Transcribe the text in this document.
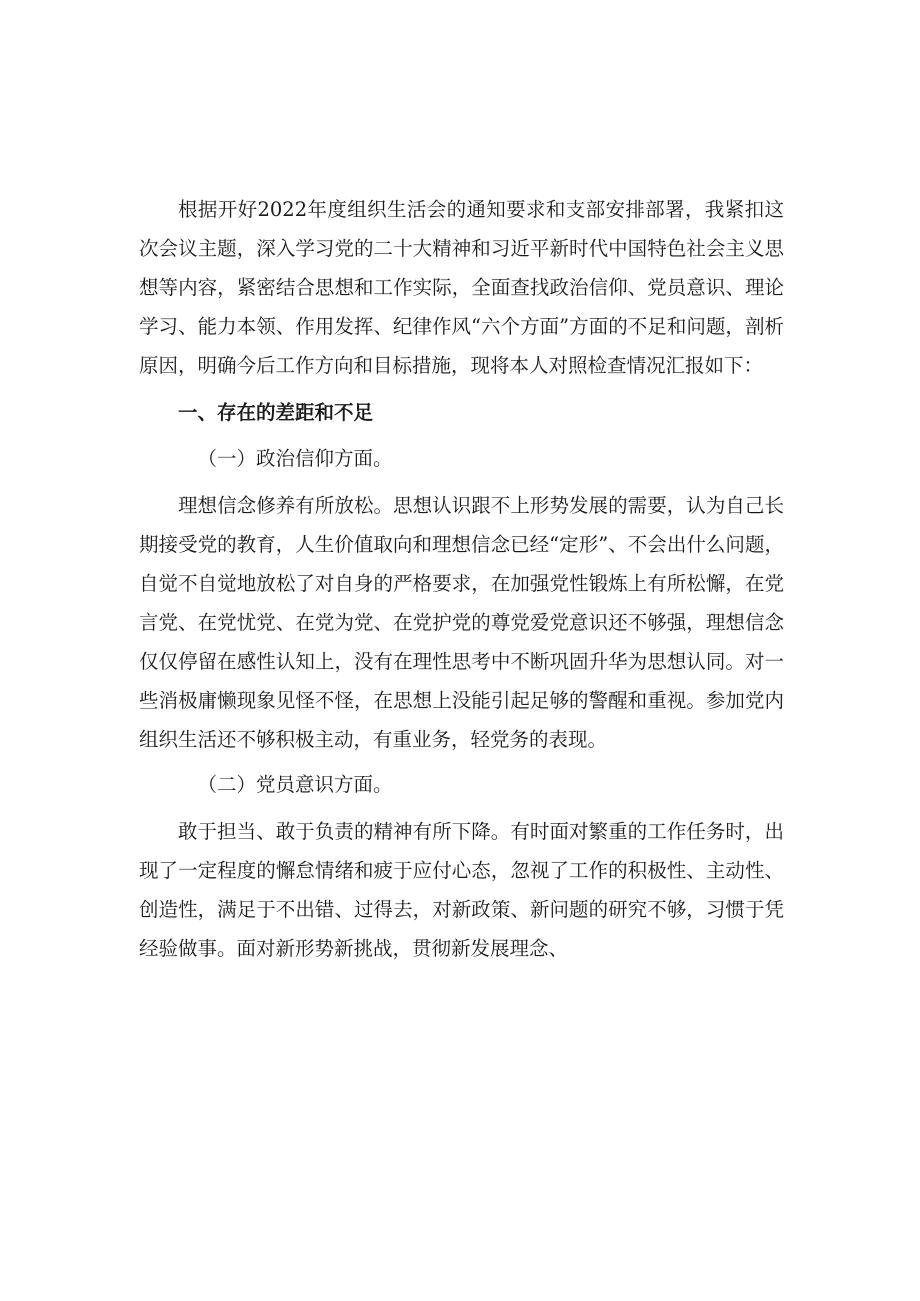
根据开好2022年度组织生活会的通知要求和支部安排部署，我紧扣这次会议主题，深入学习党的二十大精神和习近平新时代中国特色社会主义思想等内容，紧密结合思想和工作实际，全面查找政治信仰、党员意识、理论学习、能力本领、作用发挥、纪律作风“六个方面”方面的不足和问题，剖析原因，明确今后工作方向和目标措施，现将本人对照检查情况汇报如下：

一、存在的差距和不足

（一）政治信仰方面。

理想信念修养有所放松。思想认识跟不上形势发展的需要，认为自己长期接受党的教育，人生价值取向和理想信念已经“定形”、不会出什么问题，自觉不自觉地放松了对自身的严格要求，在加强党性锻炼上有所松懈，在党言党、在党忧党、在党为党、在党护党的尊党爱党意识还不够强，理想信念仅仅停留在感性认知上，没有在理性思考中不断巩固升华为思想认同。对一些消极庸懒现象见怪不怪，在思想上没能引起足够的警醒和重视。参加党内组织生活还不够积极主动，有重业务，轻党务的表现。

（二）党员意识方面。

敢于担当、敢于负责的精神有所下降。有时面对繁重的工作任务时，出现了一定程度的懈怠情绪和疲于应付心态，忽视了工作的积极性、主动性、创造性，满足于不出错、过得去，对新政策、新问题的研究不够，习惯于凭经验做事。面对新形势新挑战，贯彻新发展理念、
